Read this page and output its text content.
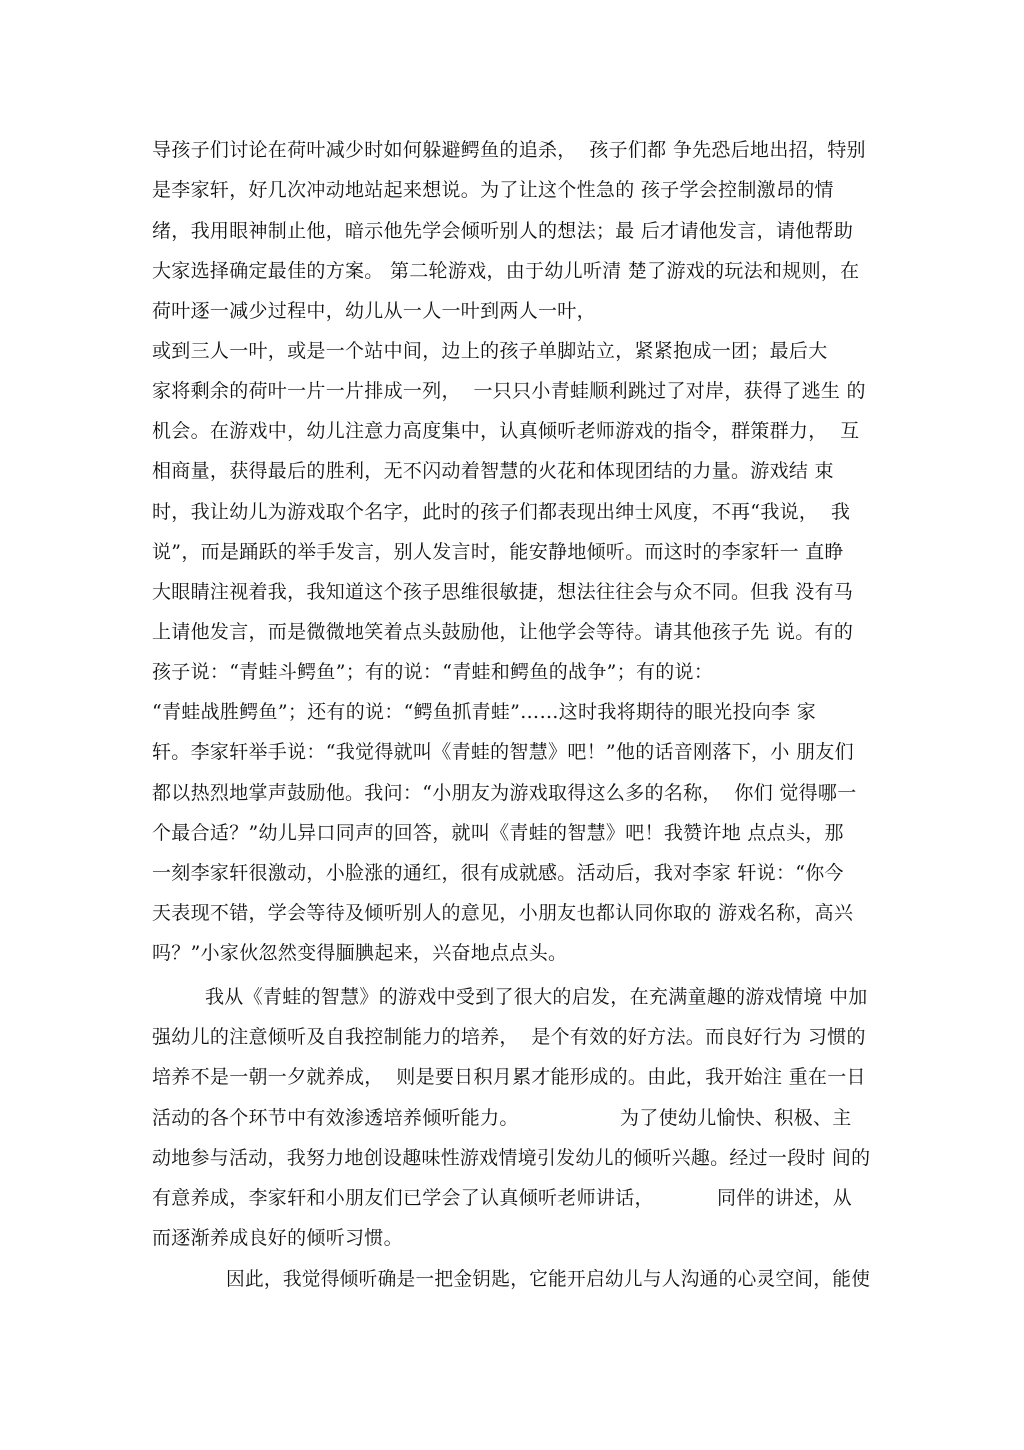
导孩子们讨论在荷叶减少时如何躲避鳄鱼的追杀，  孩子们都 争先恐后地出招，特别
是李家轩，好几次冲动地站起来想说。为了让这个性急的 孩子学会控制激昂的情
绪，我用眼神制止他，暗示他先学会倾听别人的想法；最 后才请他发言，请他帮助
大家选择确定最佳的方案。 第二轮游戏，由于幼儿听清 楚了游戏的玩法和规则，在
荷叶逐一减少过程中，幼儿从一人一叶到两人一叶，
或到三人一叶，或是一个站中间，边上的孩子单脚站立，紧紧抱成一团；最后大
家将剩余的荷叶一片一片排成一列，  一只只小青蛙顺利跳过了对岸，获得了逃生 的
机会。在游戏中，幼儿注意力高度集中，认真倾听老师游戏的指令，群策群力，  互
相商量，获得最后的胜利，无不闪动着智慧的火花和体现团结的力量。游戏结 束
时，我让幼儿为游戏取个名字，此时的孩子们都表现出绅士风度，不再“我说，  我
说”，而是踊跃的举手发言，别人发言时，能安静地倾听。而这时的李家轩一 直睁
大眼睛注视着我，我知道这个孩子思维很敏捷，想法往往会与众不同。但我 没有马
上请他发言，而是微微地笑着点头鼓励他，让他学会等待。请其他孩子先 说。有的
孩子说：“青蛙斗鳄鱼”；有的说：“青蛙和鳄鱼的战争”；有的说：
“青蛙战胜鳄鱼”；还有的说：“鳄鱼抓青蛙”……这时我将期待的眼光投向李 家
轩。李家轩举手说：“我觉得就叫《青蛙的智慧》吧！”他的话音刚落下，小 朋友们
都以热烈地掌声鼓励他。我问：“小朋友为游戏取得这么多的名称，  你们 觉得哪一
个最合适？”幼儿异口同声的回答，就叫《青蛙的智慧》吧！我赞许地 点点头，那
一刻李家轩很激动，小脸涨的通红，很有成就感。活动后，我对李家 轩说：“你今
天表现不错，学会等待及倾听别人的意见，小朋友也都认同你取的 游戏名称，高兴
吗？”小家伙忽然变得腼腆起来，兴奋地点点头。
我从《青蛙的智慧》的游戏中受到了很大的启发，在充满童趣的游戏情境 中加
强幼儿的注意倾听及自我控制能力的培养，  是个有效的好方法。而良好行为 习惯的
培养不是一朝一夕就养成，  则是要日积月累才能形成的。由此，我开始注 重在一日
活动的各个环节中有效渗透培养倾听能力。	为了使幼儿愉快、积极、主
动地参与活动，我努力地创设趣味性游戏情境引发幼儿的倾听兴趣。经过一段时 间的
有意养成，李家轩和小朋友们已学会了认真倾听老师讲话，	同伴的讲述，从
而逐渐养成良好的倾听习惯。
因此，我觉得倾听确是一把金钥匙，它能开启幼儿与人沟通的心灵空间，能使
